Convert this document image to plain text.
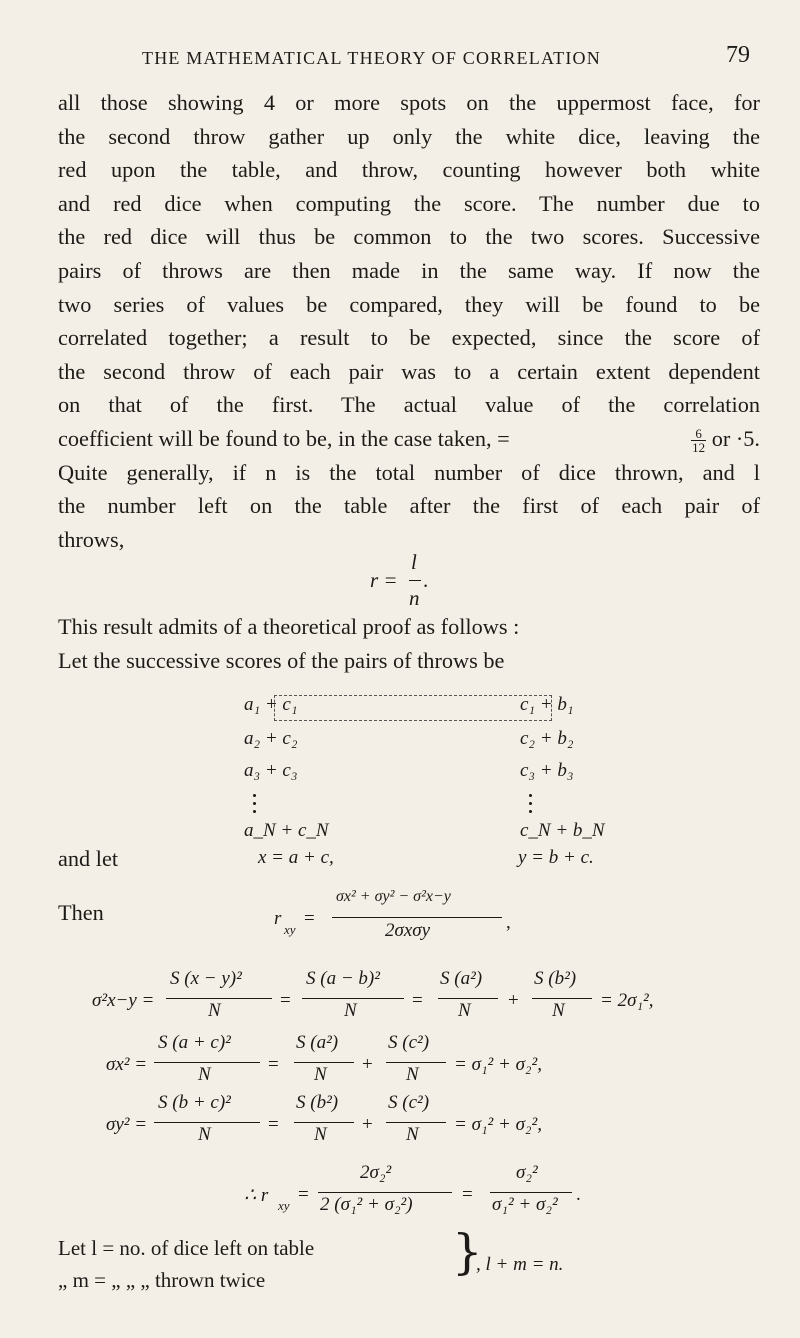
THE MATHEMATICAL THEORY OF CORRELATION	79
all those showing 4 or more spots on the uppermost face, for
the second throw gather up only the white dice, leaving the
red upon the table, and throw, counting however both white
and red dice when computing the score. The number due to
the red dice will thus be common to the two scores. Successive
pairs of throws are then made in the same way. If now the
two series of values be compared, they will be found to be
correlated together; a result to be expected, since the score of
the second throw of each pair was to a certain extent dependent
on that of the first. The actual value of the correlation
coefficient will be found to be, in the case taken, =	$\frac{6}{12}$ or ·5.
Quite generally, if n is the total number of dice thrown, and l
the number left on the table after the first of each pair of
throws,
r =
l
n
.
This result admits of a theoretical proof as follows :
Let the successive scores of the pairs of throws be
a₁ + c₁	c₁ + b₁
a₂ + c₂	c₂ + b₂
a₃ + c₃	c₃ + b₃
a_N + c_N	c_N + b_N
and let	x = a + c,	y = b + c.
Then	r
xy
=
σx² + σy² − σ²x−y
2σxσy	,
σ²x−y =
S (x − y)²
N	=
S (a − b)²
N	=
S (a²)
N +
S (b²)
N = 2σ₁²,
σx² =
S (a + c)²
N	=
S (a²)
N +
S (c²)
N = σ₁² + σ₂²,
σy² =
S (b + c)²
N	=
S (b²)
N +
S (c²)
N = σ₁² + σ₂²,
∴ r xy
=
2σ₂²
2 (σ₁² + σ₂²)	=
σ₂²
σ₁² + σ₂² .
Let l = no. of dice left on table
„ m = „ „ „ thrown twice	}
, l + m = n.
